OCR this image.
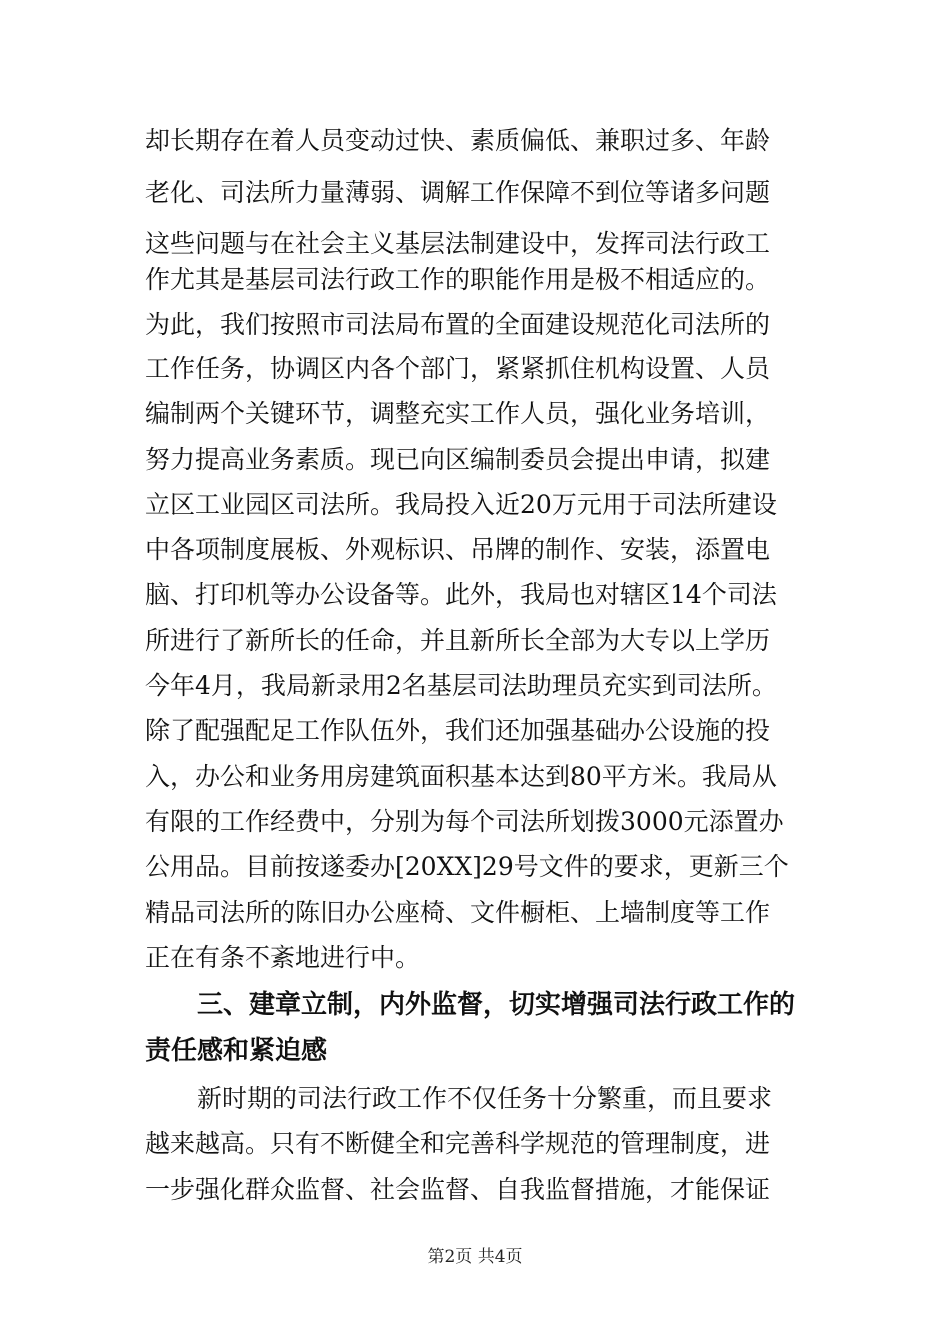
却长期存在着人员变动过快、素质偏低、兼职过多、年龄
老化、司法所力量薄弱、调解工作保障不到位等诸多问题
这些问题与在社会主义基层法制建设中，发挥司法行政工
作尤其是基层司法行政工作的职能作用是极不相适应的。
为此，我们按照市司法局布置的全面建设规范化司法所的
工作任务，协调区内各个部门，紧紧抓住机构设置、人员
编制两个关键环节，调整充实工作人员，强化业务培训，
努力提高业务素质。现已向区编制委员会提出申请，拟建
立区工业园区司法所。我局投入近20万元用于司法所建设
中各项制度展板、外观标识、吊牌的制作、安装，添置电
脑、打印机等办公设备等。此外，我局也对辖区14个司法
所进行了新所长的任命，并且新所长全部为大专以上学历
今年4月，我局新录用2名基层司法助理员充实到司法所。
除了配强配足工作队伍外，我们还加强基础办公设施的投
入，办公和业务用房建筑面积基本达到80平方米。我局从
有限的工作经费中，分别为每个司法所划拨3000元添置办
公用品。目前按遂委办[20XX]29号文件的要求，更新三个
精品司法所的陈旧办公座椅、文件橱柜、上墙制度等工作
正在有条不紊地进行中。
三、建章立制，内外监督，切实增强司法行政工作的
责任感和紧迫感
新时期的司法行政工作不仅任务十分繁重，而且要求
越来越高。只有不断健全和完善科学规范的管理制度，进
一步强化群众监督、社会监督、自我监督措施，才能保证
第2页 共4页
